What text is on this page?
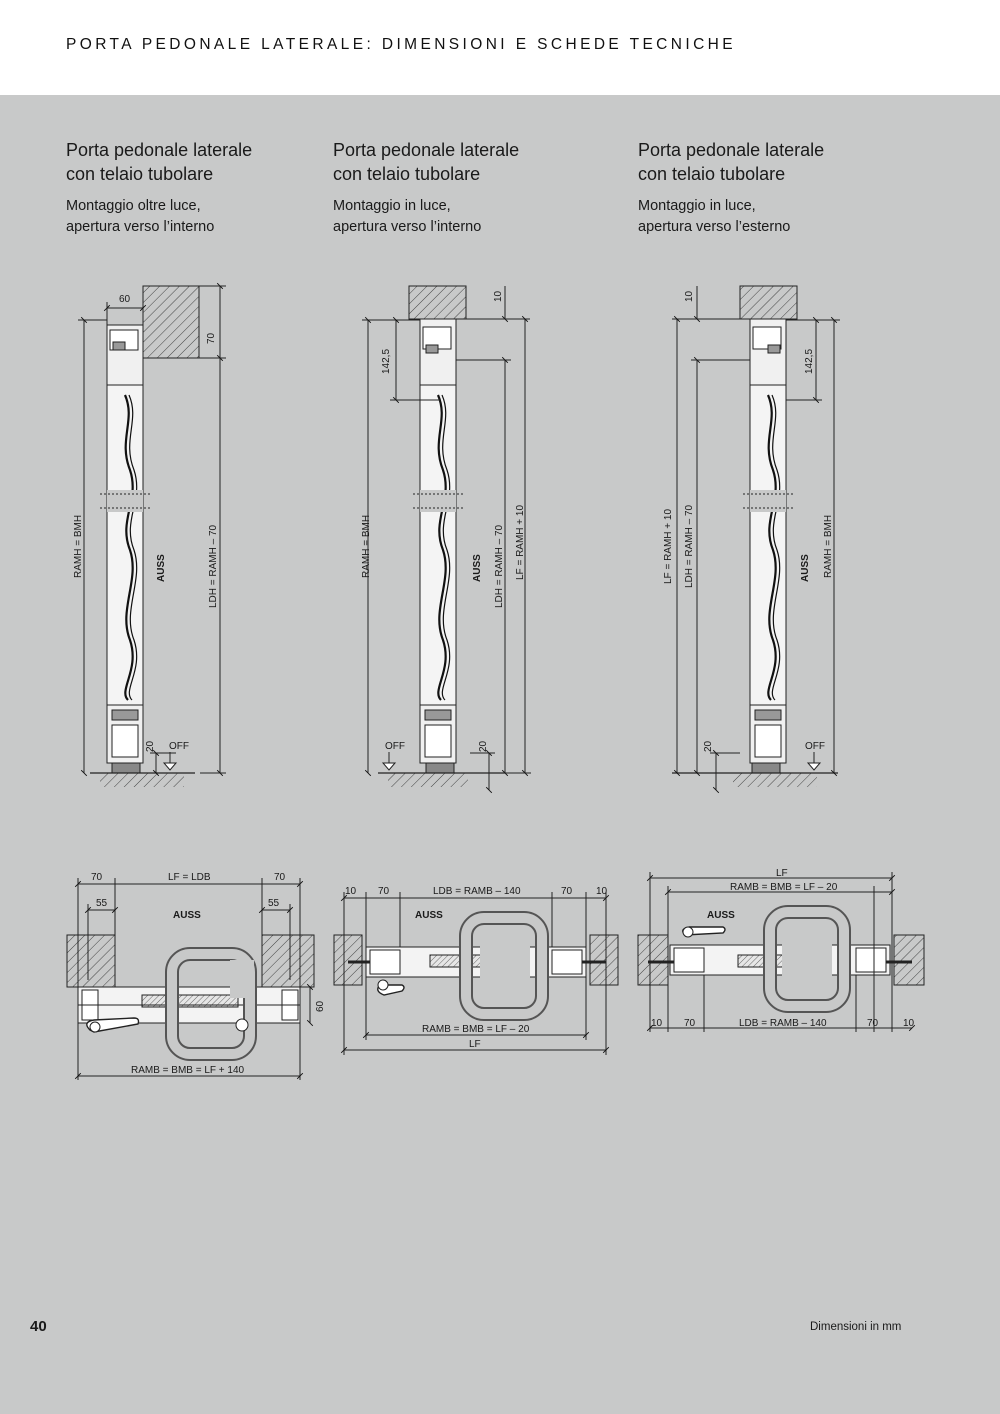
PORTA PEDONALE LATERALE: DIMENSIONI E SCHEDE TECNICHE
Porta pedonale laterale
con telaio tubolare
Montaggio oltre luce,
apertura verso l’interno
Porta pedonale laterale
con telaio tubolare
Montaggio in luce,
apertura verso l’interno
Porta pedonale laterale
con telaio tubolare
Montaggio in luce,
apertura verso l’esterno
60
70
RAMH = BMH	AUSS	LDH = RAMH – 70
20 OFF
10
142,5
RAMH = BMH	AUSS LDH = RAMH – 70 LF = RAMH + 10
20
OFF
10
142,5
LF = RAMH + 10 LDH = RAMH – 70	AUSS RAMH = BMH
20	OFF
70	LF = LDB	70
55	55
AUSS
60
RAMB = BMB = LF + 140
10 70	LDB = RAMB – 140	70 10
AUSS
RAMB = BMB = LF – 20
LF
LF
RAMB = BMB = LF – 20
AUSS
10 70	LDB = RAMB – 140	70 10
40	Dimensioni in mm
